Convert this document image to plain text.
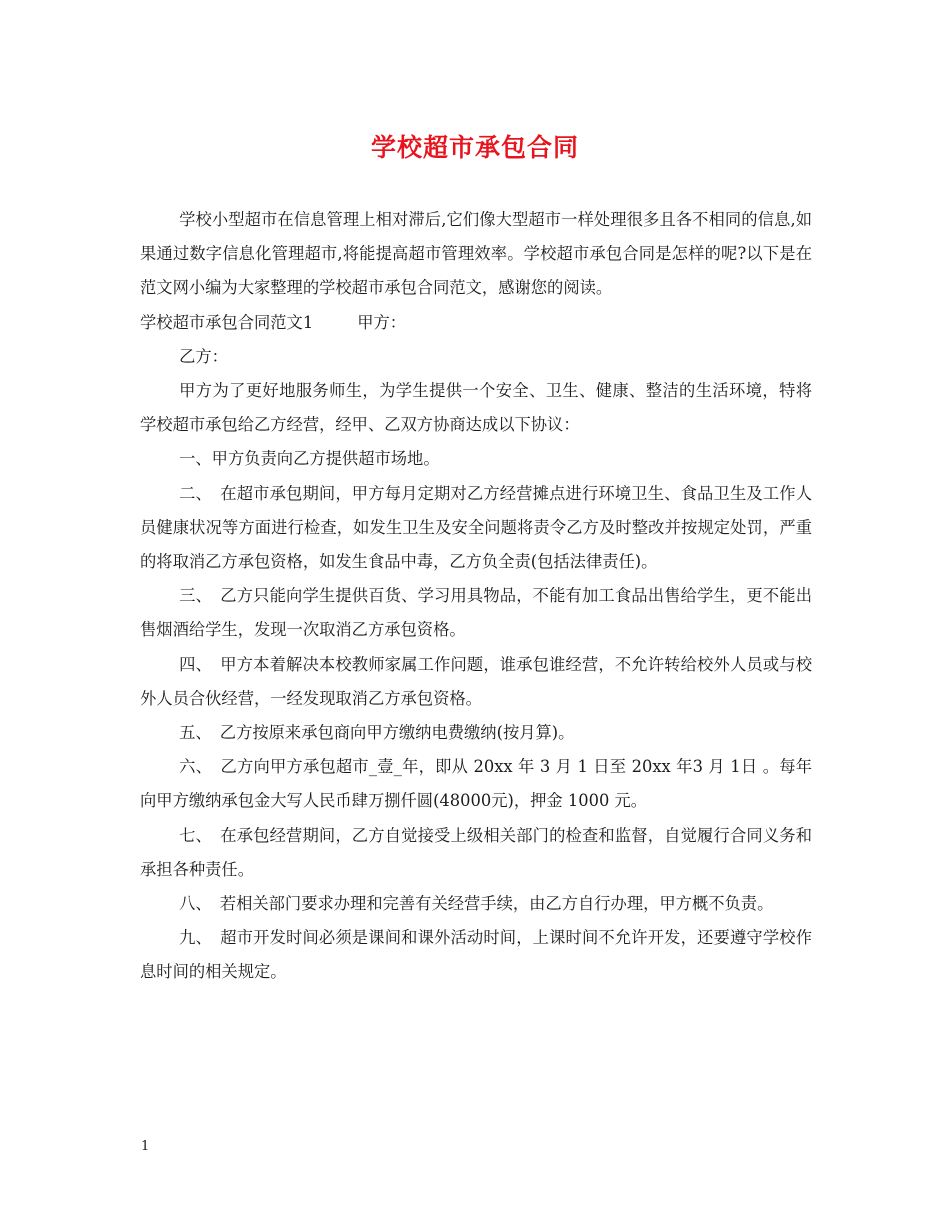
学校超市承包合同

学校小型超市在信息管理上相对滞后,它们像大型超市一样处理很多且各不相同的信息,如果通过数字信息化管理超市,将能提高超市管理效率。学校超市承包合同是怎样的呢?以下是在范文网小编为大家整理的学校超市承包合同范文，感谢您的阅读。

学校超市承包合同范文1	甲方：

乙方：

甲方为了更好地服务师生，为学生提供一个安全、卫生、健康、整洁的生活环境，特将学校超市承包给乙方经营，经甲、乙双方协商达成以下协议：

一、甲方负责向乙方提供超市场地。

二、　在超市承包期间，甲方每月定期对乙方经营摊点进行环境卫生、食品卫生及工作人员健康状况等方面进行检查，如发生卫生及安全问题将责令乙方及时整改并按规定处罚，严重的将取消乙方承包资格，如发生食品中毒，乙方负全责(包括法律责任)。

三、　乙方只能向学生提供百货、学习用具物品，不能有加工食品出售给学生，更不能出售烟酒给学生，发现一次取消乙方承包资格。

四、　甲方本着解决本校教师家属工作问题，谁承包谁经营，不允许转给校外人员或与校外人员合伙经营，一经发现取消乙方承包资格。

五、　乙方按原来承包商向甲方缴纳电费缴纳(按月算)。

六、　乙方向甲方承包超市_壹_年，即从 20xx 年 3 月 1 日至 20xx 年3 月 1日 。每年向甲方缴纳承包金大写人民币肆万捌仟圆(48000元)，押金 1000 元。

七、　在承包经营期间，乙方自觉接受上级相关部门的检查和监督，自觉履行合同义务和承担各种责任。

八、　若相关部门要求办理和完善有关经营手续，由乙方自行办理，甲方概不负责。

九、　超市开发时间必须是课间和课外活动时间，上课时间不允许开发，还要遵守学校作息时间的相关规定。

1
